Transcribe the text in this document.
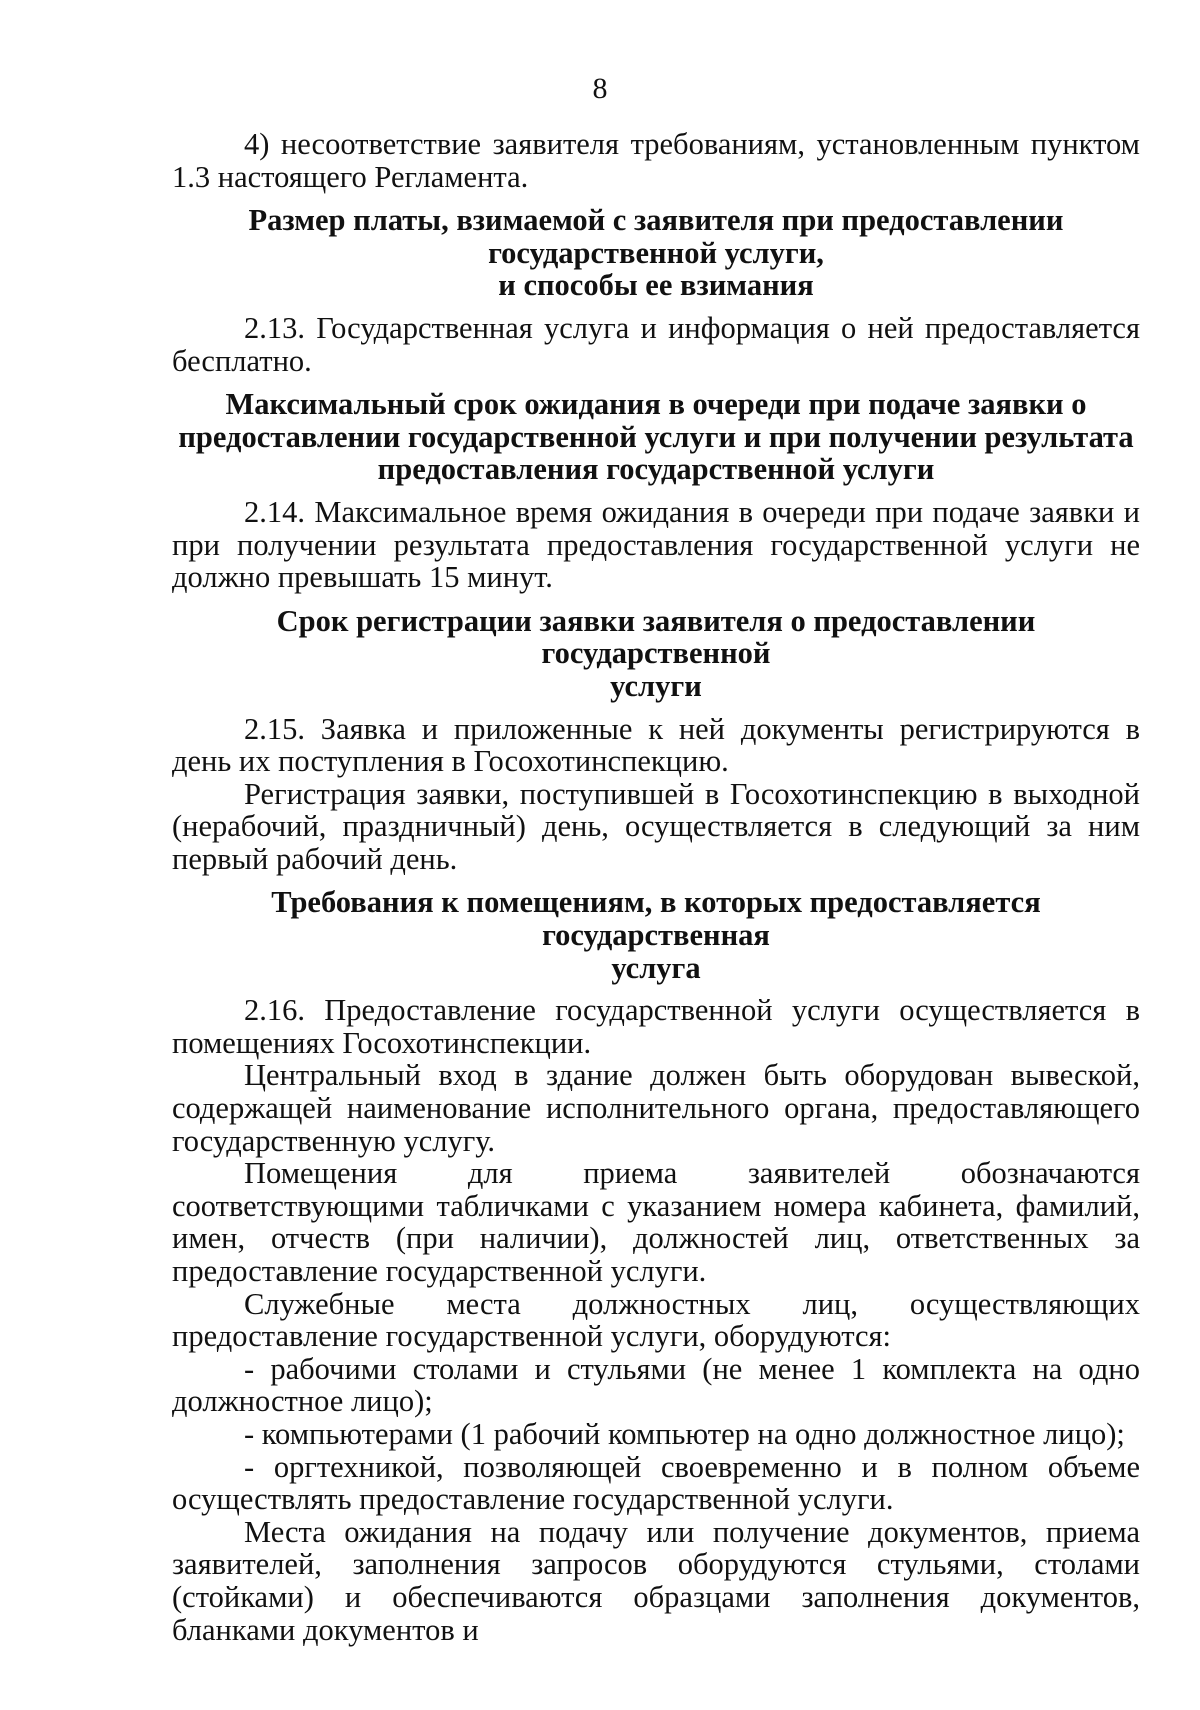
8

4) несоответствие заявителя требованиям, установленным пунктом 1.3 настоящего Регламента.

Размер платы, взимаемой с заявителя при предоставлении
государственной услуги,
и способы ее взимания

2.13. Государственная услуга и информация о ней предоставляется бесплатно.

Максимальный срок ожидания в очереди при подаче заявки о
предоставлении государственной услуги и при получении результата
предоставления государственной услуги

2.14. Максимальное время ожидания в очереди при подаче заявки и при получении результата предоставления государственной услуги не должно превышать 15 минут.

Срок регистрации заявки заявителя о предоставлении государственной
услуги

2.15. Заявка и приложенные к ней документы регистрируются в день их поступления в Госохотинспекцию.

Регистрация заявки, поступившей в Госохотинспекцию в выходной (нерабочий, праздничный) день, осуществляется в следующий за ним первый рабочий день.

Требования к помещениям, в которых предоставляется государственная
услуга

2.16. Предоставление государственной услуги осуществляется в помещениях Госохотинспекции.

Центральный вход в здание должен быть оборудован вывеской, содержащей наименование исполнительного органа, предоставляющего государственную услугу.

Помещения для приема заявителей обозначаются соответствующими табличками с указанием номера кабинета, фамилий, имен, отчеств (при наличии), должностей лиц, ответственных за предоставление государственной услуги.

Служебные места должностных лиц, осуществляющих предоставление государственной услуги, оборудуются:

- рабочими столами и стульями (не менее 1 комплекта на одно должностное лицо);

- компьютерами (1 рабочий компьютер на одно должностное лицо);

- оргтехникой, позволяющей своевременно и в полном объеме осуществлять предоставление государственной услуги.

Места ожидания на подачу или получение документов, приема заявителей, заполнения запросов оборудуются стульями, столами (стойками) и обеспечиваются образцами заполнения документов, бланками документов и
